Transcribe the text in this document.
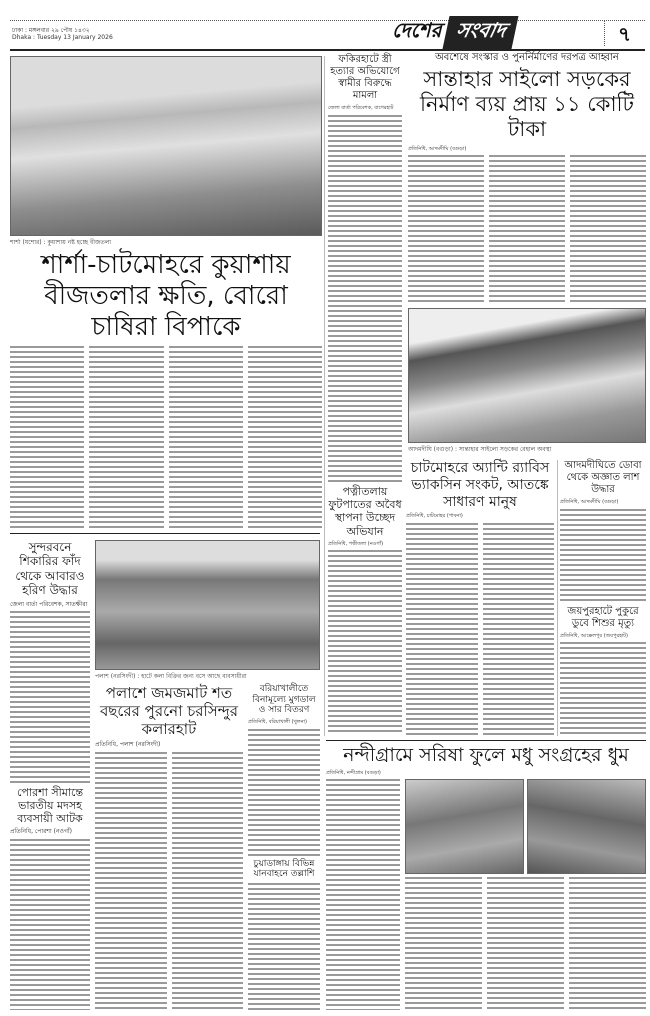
ঢাকা : মঙ্গলবার ২৯ পৌষ ১৪৩২
Dhaka : Tuesday 13 January 2026	দেশের সংবাদ	৭
শার্শা (যশোর) : কুয়াশায় নষ্ট হচ্ছে বীজতলা
শার্শা-চাটমোহরে কুয়াশায় বীজতলার ক্ষতি, বোরো চাষিরা বিপাকে
সুন্দরবনে শিকারির ফাঁদ থেকে আবারও হরিণ উদ্ধার
জেলা বার্তা পরিবেশক, সাতক্ষীরা
পোরশা সীমান্তে ভারতীয় মদসহ ব্যবসায়ী আটক
প্রতিনিধি, পোরশা (নওগাঁ)
পলাশ (নরসিংদী) : হাটে কলা বিক্রির জন্য বসে আছে ব্যবসায়ীরা
পলাশে জমজমাট শত বছরের পুরনো চরসিন্দুর কলারহাট
প্রতিনিধি, পলাশ (নরসিংদী)
বরিয়াখালীতে বিনামূল্যে মুগডাল ও সার বিতরণ
প্রতিনিধি, বরিয়াখালী (খুলনা)
চুয়াডাঙ্গায় বিভিন্ন যানবাহনে তল্লাশি
ফকিরহাটে স্ত্রী হত্যার অভিযোগে স্বামীর বিরুদ্ধে মামলা
জেলা বার্তা পরিবেশক, বাগেরহাট
পত্নীতলায় ফুটপাতের অবৈধ স্থাপনা উচ্ছেদ অভিযান
প্রতিনিধি, পত্নীতলা (নওগাঁ)
অবশেষে সংস্কার ও পুনর্নির্মাণের দরপত্র আহ্বান
সান্তাহার সাইলো সড়কের নির্মাণ ব্যয় প্রায় ১১ কোটি টাকা
প্রতিনিধি, আদমদীঘি (বগুড়া)
আদমদীঘি (বগুড়া) : সান্তাহার সাইলো সড়কের বেহাল অবস্থা
চাটমোহরে অ্যান্টি র‍্যাবিস ভ্যাকসিন সংকট, আতঙ্কে সাধারণ মানুষ
প্রতিনিধি, চাটমোহর (পাবনা)
আদমদীঘিতে ডোবা থেকে অজ্ঞাত লাশ উদ্ধার
প্রতিনিধি, আদমদীঘি (বগুড়া)
জয়পুরহাটে পুকুরে ডুবে শিশুর মৃত্যু
প্রতিনিধি, আক্কেলপুর (জয়পুরহাট)
নন্দীগ্রামে সরিষা ফুলে মধু সংগ্রহের ধুম
প্রতিনিধি, নন্দীগ্রাম (বগুড়া)
